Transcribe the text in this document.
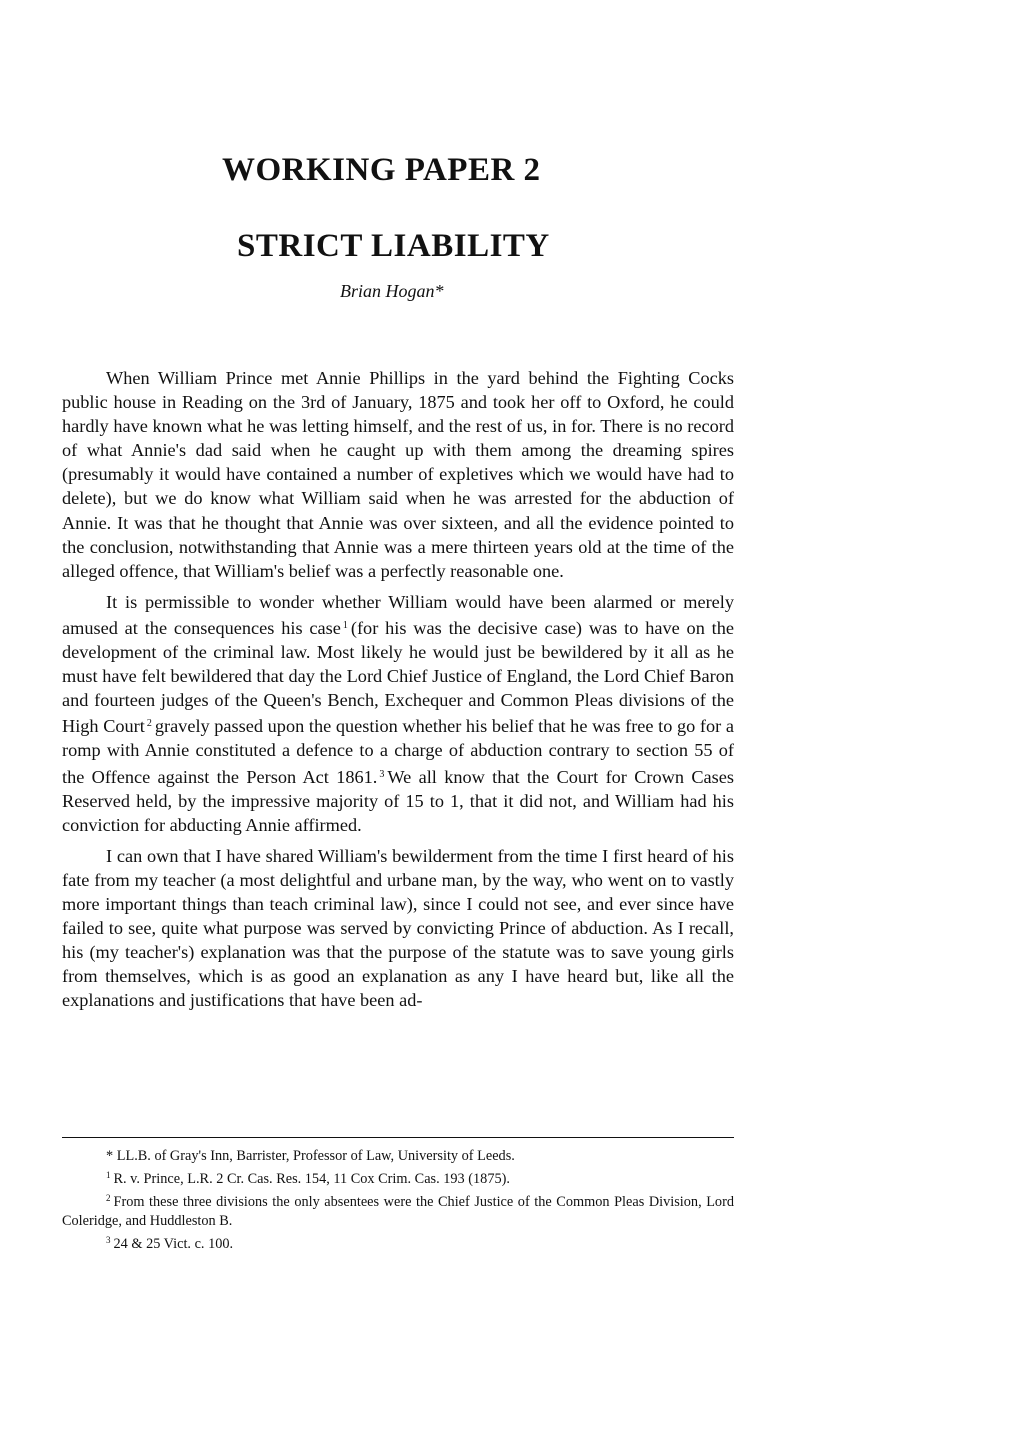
WORKING PAPER 2
STRICT LIABILITY
Brian Hogan*

When William Prince met Annie Phillips in the yard behind the Fighting Cocks public house in Reading on the 3rd of January, 1875 and took her off to Oxford, he could hardly have known what he was letting himself, and the rest of us, in for. There is no record of what Annie's dad said when he caught up with them among the dreaming spires (presumably it would have contained a number of expletives which we would have had to delete), but we do know what William said when he was arrested for the abduction of Annie. It was that he thought that Annie was over sixteen, and all the evidence pointed to the conclusion, notwithstanding that Annie was a mere thirteen years old at the time of the alleged offence, that William's belief was a perfectly reasonable one.

It is permissible to wonder whether William would have been alarmed or merely amused at the consequences his case $^1$ (for his was the decisive case) was to have on the development of the criminal law. Most likely he would just be bewildered by it all as he must have felt bewildered that day the Lord Chief Justice of England, the Lord Chief Baron and fourteen judges of the Queen's Bench, Exchequer and Common Pleas divisions of the High Court $^2$ gravely passed upon the question whether his belief that he was free to go for a romp with Annie constituted a defence to a charge of abduction contrary to section 55 of the Offence against the Person Act 1861. $^3$ We all know that the Court for Crown Cases Reserved held, by the impressive majority of 15 to 1, that it did not, and William had his conviction for abducting Annie affirmed.

I can own that I have shared William's bewilderment from the time I first heard of his fate from my teacher (a most delightful and urbane man, by the way, who went on to vastly more important things than teach criminal law), since I could not see, and ever since have failed to see, quite what purpose was served by convicting Prince of abduction. As I recall, his (my teacher's) explanation was that the purpose of the statute was to save young girls from themselves, which is as good an explanation as any I have heard but, like all the explanations and justifications that have been ad-

* LL.B. of Gray's Inn, Barrister, Professor of Law, University of Leeds.

$^1$ R. v. Prince, L.R. 2 Cr. Cas. Res. 154, 11 Cox Crim. Cas. 193 (1875).

$^2$ From these three divisions the only absentees were the Chief Justice of the Common Pleas Division, Lord Coleridge, and Huddleston B.

$^3$ 24 & 25 Vict. c. 100.
